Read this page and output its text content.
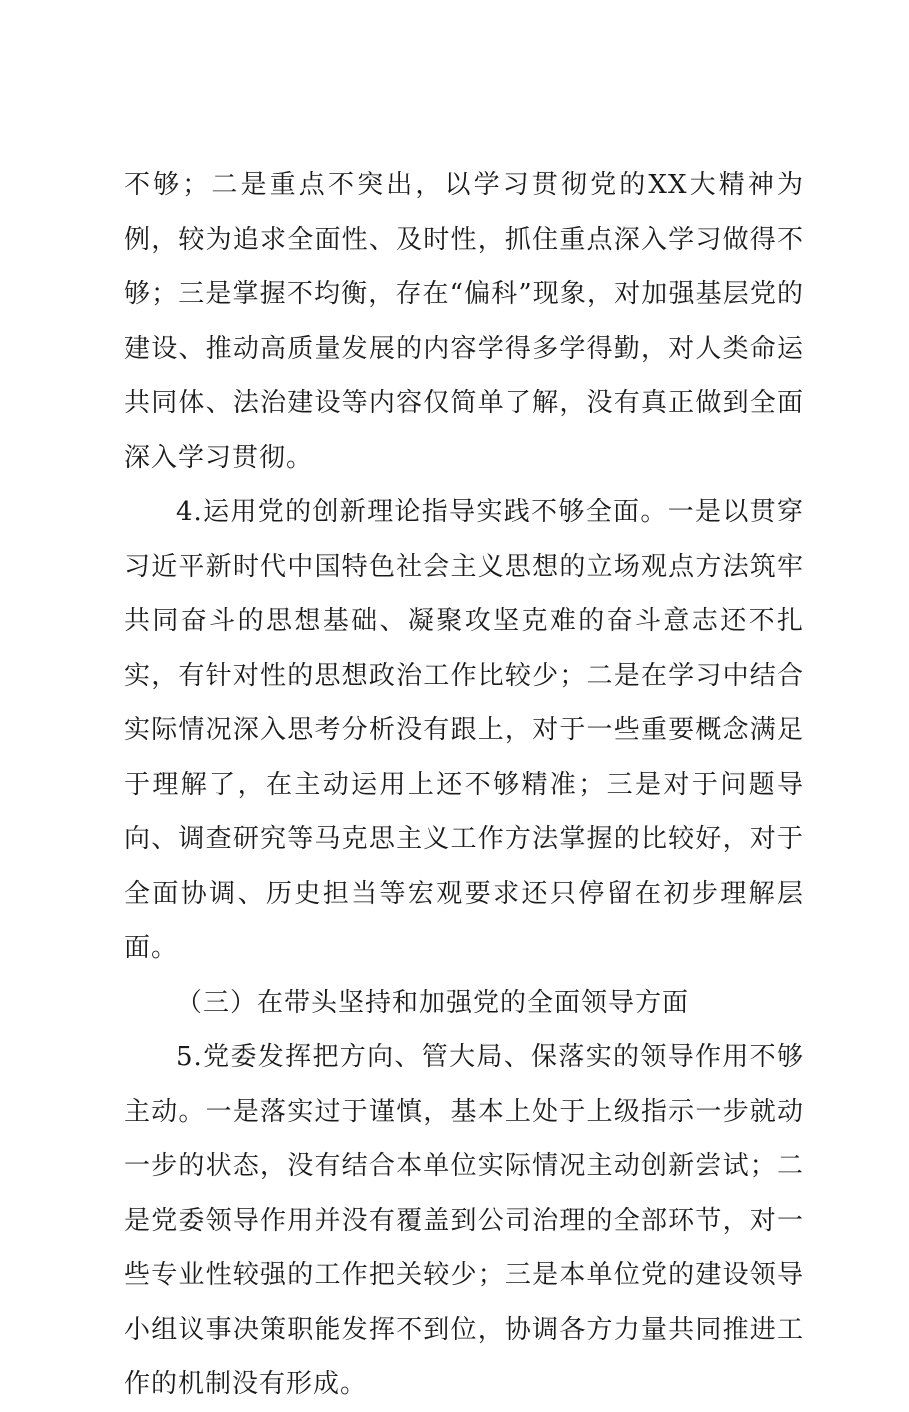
不够；二是重点不突出，以学习贯彻党的XX大精神为例，较为追求全面性、及时性，抓住重点深入学习做得不够；三是掌握不均衡，存在“偏科”现象，对加强基层党的建设、推动高质量发展的内容学得多学得勤，对人类命运共同体、法治建设等内容仅简单了解，没有真正做到全面深入学习贯彻。

4.运用党的创新理论指导实践不够全面。一是以贯穿习近平新时代中国特色社会主义思想的立场观点方法筑牢共同奋斗的思想基础、凝聚攻坚克难的奋斗意志还不扎实，有针对性的思想政治工作比较少；二是在学习中结合实际情况深入思考分析没有跟上，对于一些重要概念满足于理解了，在主动运用上还不够精准；三是对于问题导向、调查研究等马克思主义工作方法掌握的比较好，对于全面协调、历史担当等宏观要求还只停留在初步理解层面。

（三）在带头坚持和加强党的全面领导方面

5.党委发挥把方向、管大局、保落实的领导作用不够主动。一是落实过于谨慎，基本上处于上级指示一步就动一步的状态，没有结合本单位实际情况主动创新尝试；二是党委领导作用并没有覆盖到公司治理的全部环节，对一些专业性较强的工作把关较少；三是本单位党的建设领导小组议事决策职能发挥不到位，协调各方力量共同推进工作的机制没有形成。
